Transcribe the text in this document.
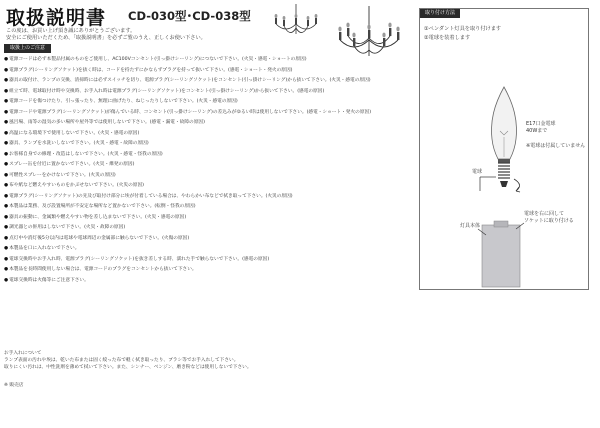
取扱説明書 CD-030型･CD-038型
この度は、お買い上げ頂き誠にありがとうございます。
安全にご使用いただくため、「取扱説明書」を必ずご覧のうえ、正しくお使い下さい。
取扱上のご注意
●電源コードは必ず本製品付属のものをご使用し、AC100Vコンセント(引っ掛けシーリング)につないで下さい。(火災・感電・ショートの原因)
●電源プラグ(シーリングソケット)を抜く時は、コードを持たずにかならずプラグを持って抜いて下さい。(感電・ショート・発火の原因)
●器具の取付け、ランプの交換、清掃時には必ずスイッチを切り、電源プラグ(シーリングソケット)をコンセント(引っ掛けシーリング)から抜いて下さい。(火災・感電の原因)
●組立て時、電球取付け時や交換時、お手入れ時は電源プラグ(シーリングソケット)をコンセント(引っ掛けシーリング)から抜いて下さい。(感電の原因)
●電源コードを傷つけたり、引っ張ったり、無理に曲げたり、ねじったりしないで下さい。(火災・感電の原因)
●電源コードや電源プラグ(シーリングソケット)が傷んでいる時、コンセント(引っ掛けシーリング)の差込みがゆるい時は使用しないで下さい。(感電・ショート・発火の原因)
●風呂場、雨等の湿気の多い場所や屋外等では使用しないで下さい。(感電・漏電・故障の原因)
●高温になる環境下で使用しないで下さい。(火災・感電の原因)
●器具、ランプを水洗いしないで下さい。(火災・感電・故障の原因)
●お客様自身での修理・改造はしないで下さい。(火災・感電・怪我の原因)
●スプレー缶を付近に置かないで下さい。(火災・爆発の原因)
●可燃性スプレーをかけないで下さい。(火災の原因)
●布や紙など燃えやすいものをかぶせないで下さい。(火災の原因)
●電源プラグ(シーリングソケット)の先及び取付け部分に埃が付着している場合は、やわらかい布などで拭き取って下さい。(火災の原因)
●本製品は業務、及び設置場所が不安定な場所など置かないで下さい。(転倒・怪我の原因)
●器具の振動に、金属類や燃えやすい物を差し込まないで下さい。(火災・感電の原因)
●調光器との併用はしないで下さい。(火災・故障の原因)
●点灯中や消灯後5分以内は電球や電球周辺の金属部に触らないで下さい。(火傷の原因)
●本製品を口に入れないで下さい。
●電球交換時やお手入れ時、電源プラグ(シーリングソケット)を抜き差しする時、濡れた手で触らないで下さい。(感電の原因)
●本製品を長時間使用しない場合は、電源コードのプラグをコンセントから抜いて下さい。
●電球交換時は火傷等にご注意下さい。
お手入れについて
ランプ表面の汚れや埃は、乾いた布または固く絞った布で軽く拭き取ったり、ブラシ等でお手入れして下さい。
取りにくい汚れは、中性洗剤を薄めて拭いて下さい。また、シンナー、ベンジン、磨き粉などは使用しないで下さい。
※ 販売店
取り付け方法
①ペンダント灯具を取り付けます
②電球を装着します
E17口金電球
40Wまで
※電球は付属していません
電球
灯具本体
電球を右に回して
ソケットに取り付ける
